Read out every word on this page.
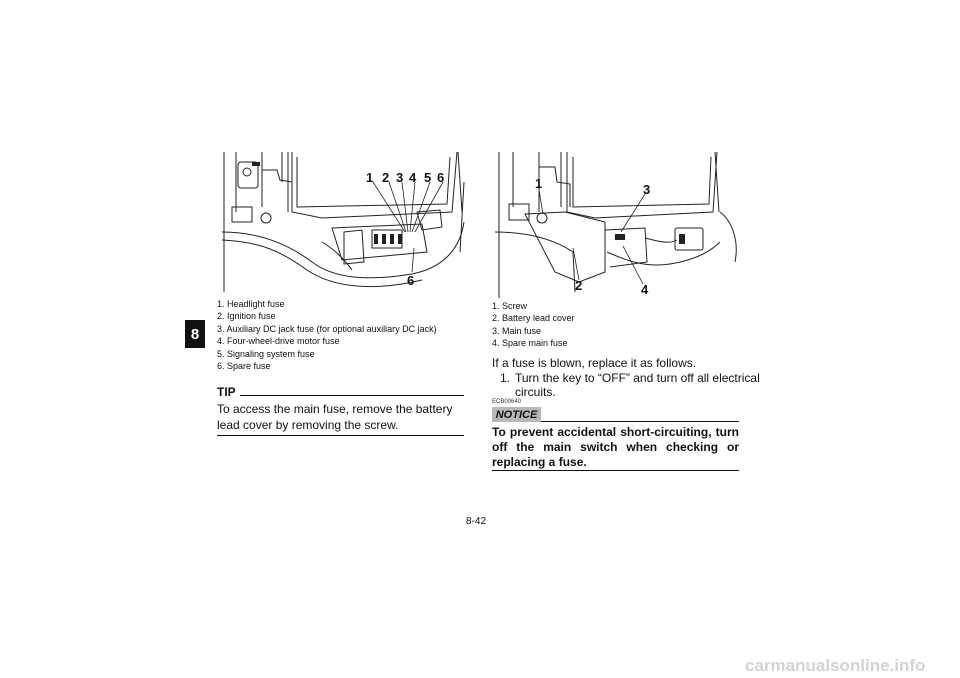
8
1 2 3 4 5 6
6
1. Headlight fuse
2. Ignition fuse
3. Auxiliary DC jack fuse (for optional auxiliary DC jack)
4. Four-wheel-drive motor fuse
5. Signaling system fuse
6. Spare fuse
TIP
To access the main fuse, remove the battery lead cover by removing the screw.
1	3
2	4
1. Screw
2. Battery lead cover
3. Main fuse
4. Spare main fuse
If a fuse is blown, replace it as follows.
1. Turn the key to “OFF” and turn off all electrical
circuits.
ECB00640
NOTICE
To prevent accidental short-circuiting, turn off the main switch when checking or replacing a fuse.
8-42
carmanualsonline.info
